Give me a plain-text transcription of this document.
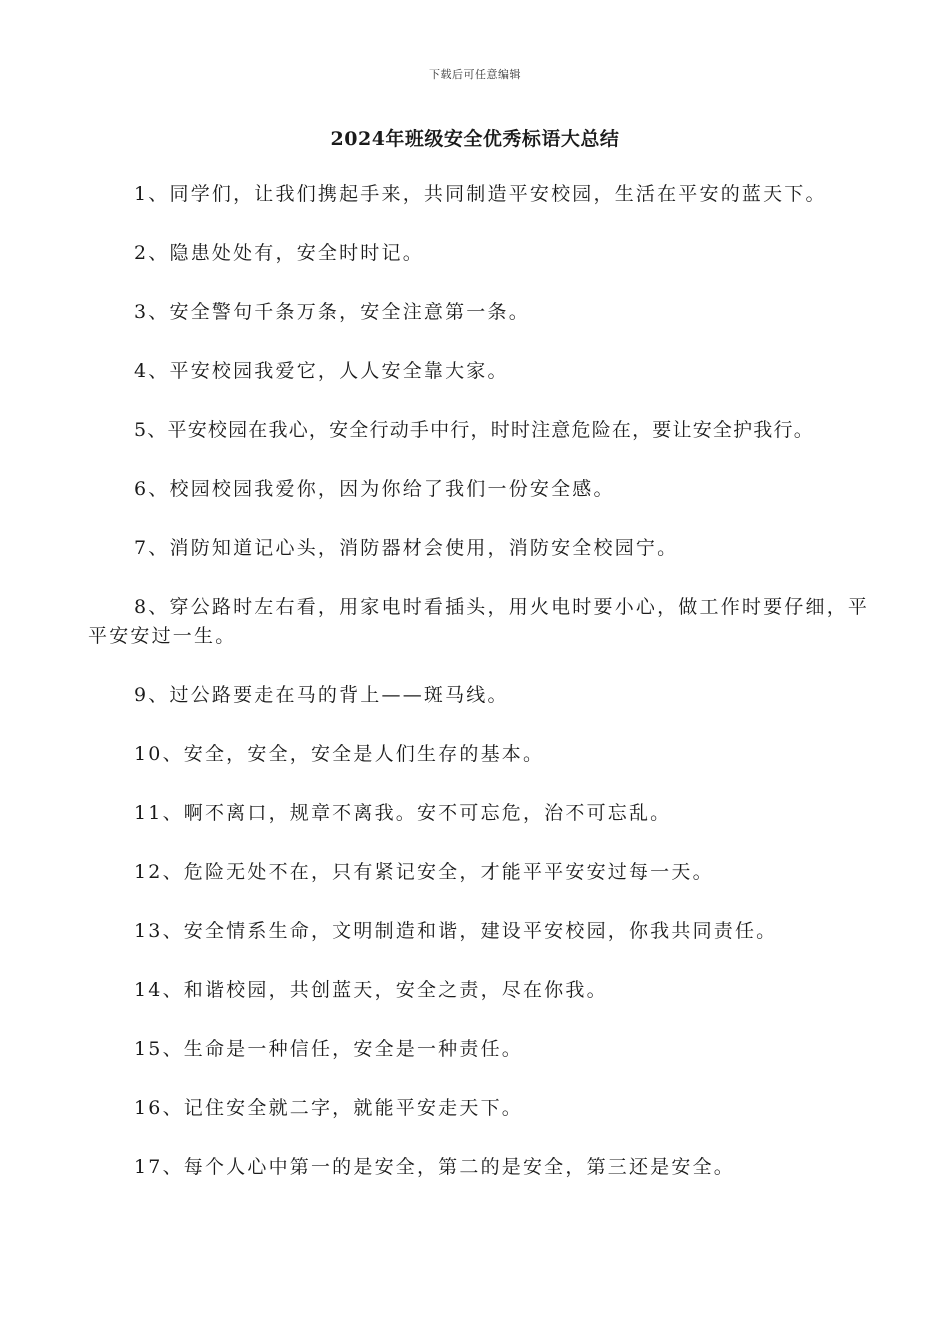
下载后可任意编辑
2024年班级安全优秀标语大总结
1、同学们，让我们携起手来，共同制造平安校园，生活在平安的蓝天下。
2、隐患处处有，安全时时记。
3、安全警句千条万条，安全注意第一条。
4、平安校园我爱它，人人安全靠大家。
5、平安校园在我心，安全行动手中行，时时注意危险在，要让安全护我行。
6、校园校园我爱你，因为你给了我们一份安全感。
7、消防知道记心头，消防器材会使用，消防安全校园宁。
8、穿公路时左右看，用家电时看插头，用火电时要小心，做工作时要仔细，平平安安过一生。
9、过公路要走在马的背上——斑马线。
10、安全，安全，安全是人们生存的基本。
11、啊不离口，规章不离我。安不可忘危，治不可忘乱。
12、危险无处不在，只有紧记安全，才能平平安安过每一天。
13、安全情系生命，文明制造和谐，建设平安校园，你我共同责任。
14、和谐校园，共创蓝天，安全之责，尽在你我。
15、生命是一种信任，安全是一种责任。
16、记住安全就二字，就能平安走天下。
17、每个人心中第一的是安全，第二的是安全，第三还是安全。
